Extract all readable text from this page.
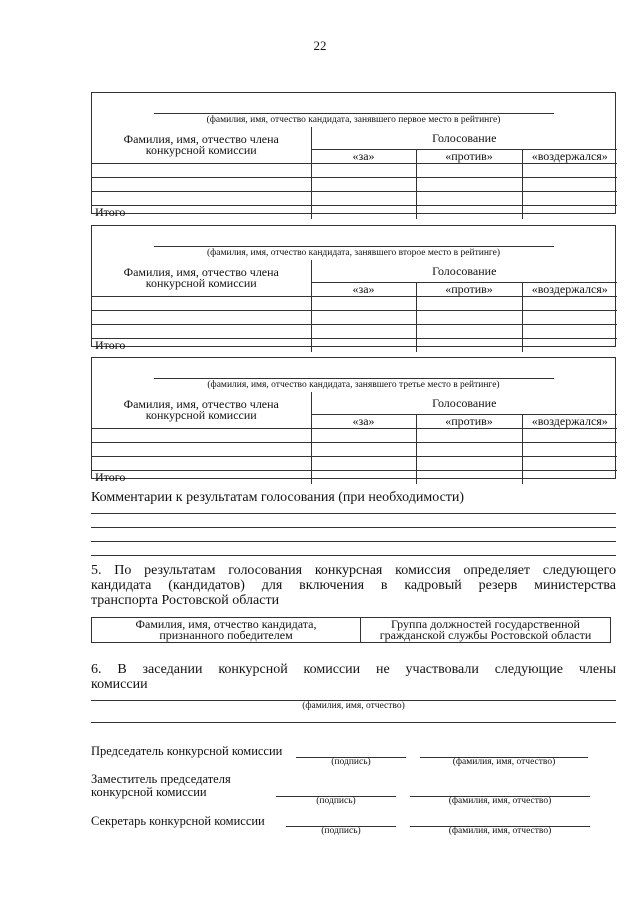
22
(фамилия, имя, отчество кандидата, занявшего первое место в рейтинге)
Фамилия, имя, отчество члена
конкурсной комиссии	Голосование		
	«за»	«против»	«воздержался»

Итого			
(фамилия, имя, отчество кандидата, занявшего второе место в рейтинге)
Фамилия, имя, отчество члена
конкурсной комиссии	Голосование		
	«за»	«против»	«воздержался»

Итого			
(фамилия, имя, отчество кандидата, занявшего третье место в рейтинге)
Фамилия, имя, отчество члена
конкурсной комиссии	Голосование		
	«за»	«против»	«воздержался»

Итого			
Комментарии к результатам голосования (при необходимости)
5. По результатам голосования конкурсная комиссия определяет следующего
кандидата (кандидатов) для включения в кадровый резерв министерства
транспорта Ростовской области
Фамилия, имя, отчество кандидата,
признанного победителем	Группа должностей государственной
гражданской службы Ростовской области
6. В заседании конкурсной комиссии не участвовали следующие члены
комиссии
(фамилия, имя, отчество)
Председатель конкурсной комиссии
(подпись)	(фамилия, имя, отчество)
Заместитель председателя
конкурсной комиссии
(подпись)	(фамилия, имя, отчество)
Секретарь конкурсной комиссии
(подпись)	(фамилия, имя, отчество)
